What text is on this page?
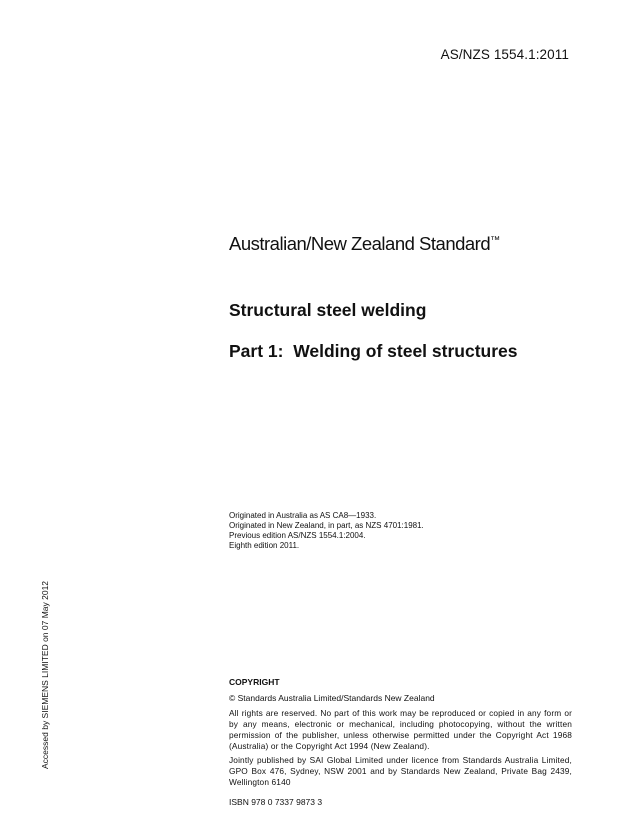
AS/NZS 1554.1:2011
Australian/New Zealand Standard™
Structural steel welding
Part 1:  Welding of steel structures
Originated in Australia as AS CA8—1933.
Originated in New Zealand, in part, as NZS 4701:1981.
Previous edition AS/NZS 1554.1:2004.
Eighth edition 2011.
Accessed by SIEMENS LIMITED on 07 May 2012	COPYRIGHT
© Standards Australia Limited/Standards New Zealand
All rights are reserved. No part of this work may be reproduced or copied in any form or by any means, electronic or mechanical, including photocopying, without the written permission of the publisher, unless otherwise permitted under the Copyright Act 1968 (Australia) or the Copyright Act 1994 (New Zealand).
Jointly published by SAI Global Limited under licence from Standards Australia Limited, GPO Box 476, Sydney, NSW 2001 and by Standards New Zealand, Private Bag 2439, Wellington 6140
ISBN 978 0 7337 9873 3
